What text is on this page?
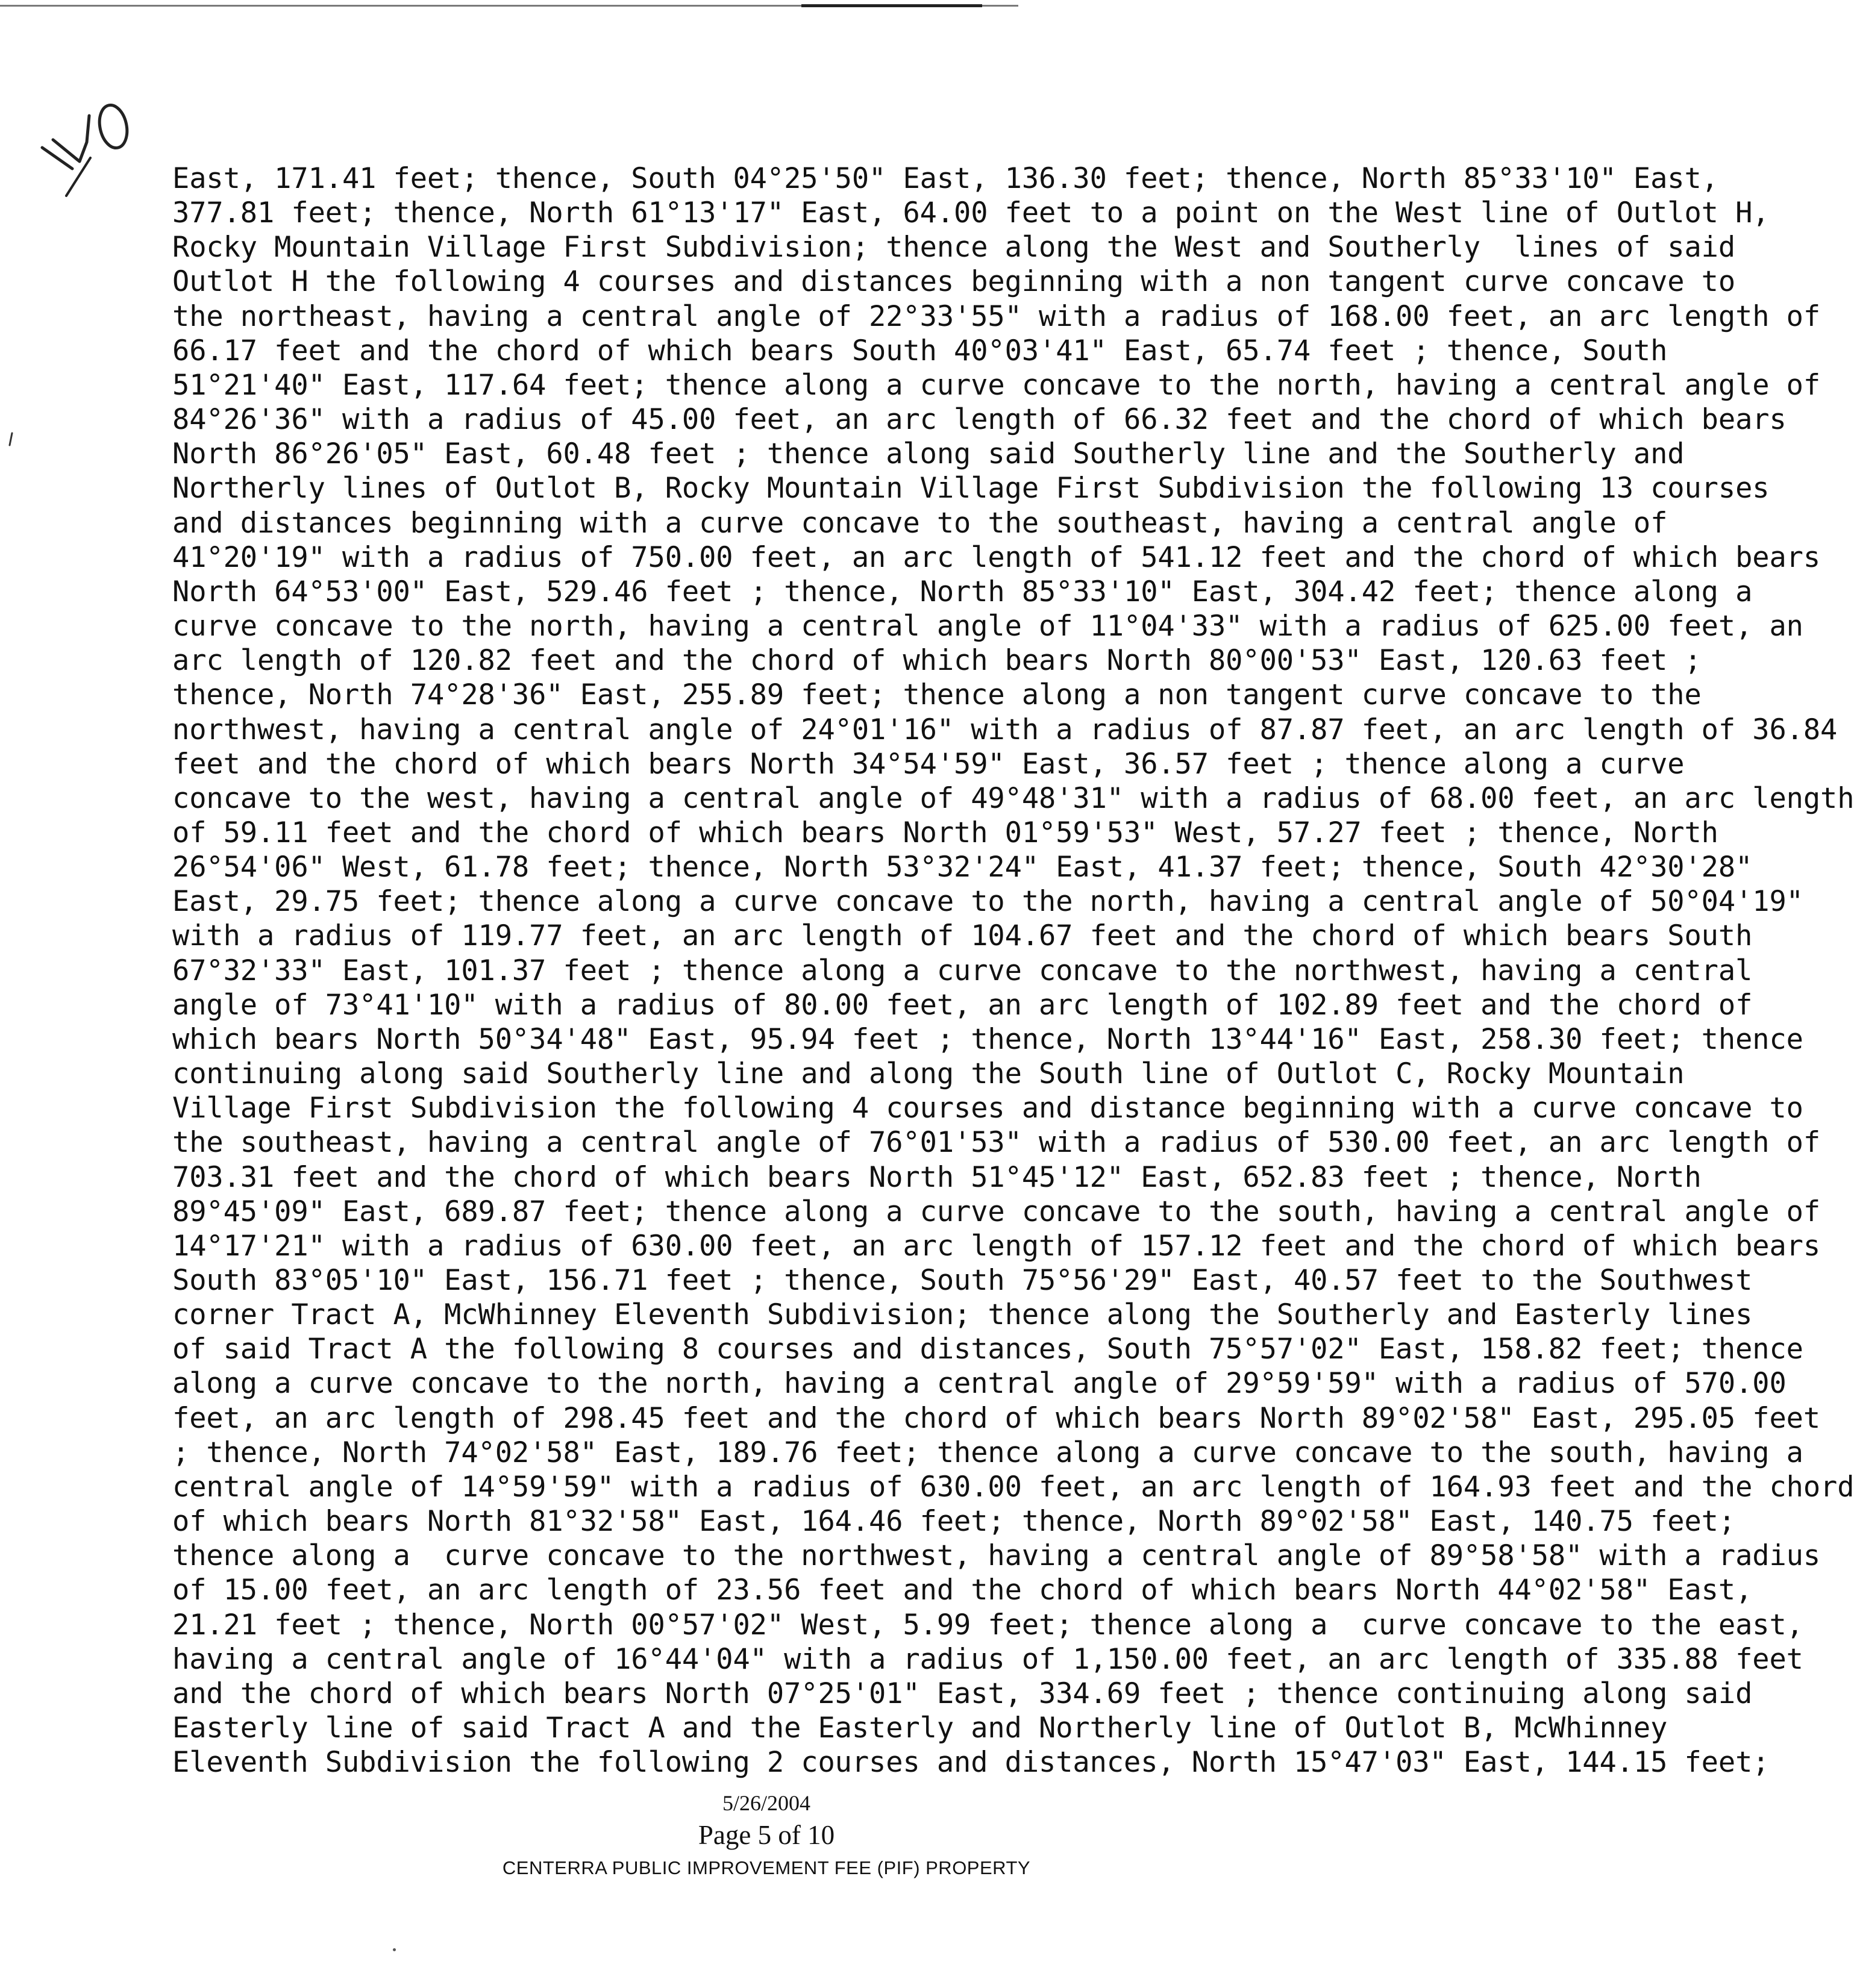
East, 171.41 feet; thence, South 04°25'50" East, 136.30 feet; thence, North 85°33'10" East,
377.81 feet; thence, North 61°13'17" East, 64.00 feet to a point on the West line of Outlot H,
Rocky Mountain Village First Subdivision; thence along the West and Southerly  lines of said
Outlot H the following 4 courses and distances beginning with a non tangent curve concave to
the northeast, having a central angle of 22°33'55" with a radius of 168.00 feet, an arc length of
66.17 feet and the chord of which bears South 40°03'41" East, 65.74 feet ; thence, South
51°21'40" East, 117.64 feet; thence along a curve concave to the north, having a central angle of
84°26'36" with a radius of 45.00 feet, an arc length of 66.32 feet and the chord of which bears
North 86°26'05" East, 60.48 feet ; thence along said Southerly line and the Southerly and
Northerly lines of Outlot B, Rocky Mountain Village First Subdivision the following 13 courses
and distances beginning with a curve concave to the southeast, having a central angle of
41°20'19" with a radius of 750.00 feet, an arc length of 541.12 feet and the chord of which bears
North 64°53'00" East, 529.46 feet ; thence, North 85°33'10" East, 304.42 feet; thence along a
curve concave to the north, having a central angle of 11°04'33" with a radius of 625.00 feet, an
arc length of 120.82 feet and the chord of which bears North 80°00'53" East, 120.63 feet ;
thence, North 74°28'36" East, 255.89 feet; thence along a non tangent curve concave to the
northwest, having a central angle of 24°01'16" with a radius of 87.87 feet, an arc length of 36.84
feet and the chord of which bears North 34°54'59" East, 36.57 feet ; thence along a curve
concave to the west, having a central angle of 49°48'31" with a radius of 68.00 feet, an arc length
of 59.11 feet and the chord of which bears North 01°59'53" West, 57.27 feet ; thence, North
26°54'06" West, 61.78 feet; thence, North 53°32'24" East, 41.37 feet; thence, South 42°30'28"
East, 29.75 feet; thence along a curve concave to the north, having a central angle of 50°04'19"
with a radius of 119.77 feet, an arc length of 104.67 feet and the chord of which bears South
67°32'33" East, 101.37 feet ; thence along a curve concave to the northwest, having a central
angle of 73°41'10" with a radius of 80.00 feet, an arc length of 102.89 feet and the chord of
which bears North 50°34'48" East, 95.94 feet ; thence, North 13°44'16" East, 258.30 feet; thence
continuing along said Southerly line and along the South line of Outlot C, Rocky Mountain
Village First Subdivision the following 4 courses and distance beginning with a curve concave to
the southeast, having a central angle of 76°01'53" with a radius of 530.00 feet, an arc length of
703.31 feet and the chord of which bears North 51°45'12" East, 652.83 feet ; thence, North
89°45'09" East, 689.87 feet; thence along a curve concave to the south, having a central angle of
14°17'21" with a radius of 630.00 feet, an arc length of 157.12 feet and the chord of which bears
South 83°05'10" East, 156.71 feet ; thence, South 75°56'29" East, 40.57 feet to the Southwest
corner Tract A, McWhinney Eleventh Subdivision; thence along the Southerly and Easterly lines
of said Tract A the following 8 courses and distances, South 75°57'02" East, 158.82 feet; thence
along a curve concave to the north, having a central angle of 29°59'59" with a radius of 570.00
feet, an arc length of 298.45 feet and the chord of which bears North 89°02'58" East, 295.05 feet
; thence, North 74°02'58" East, 189.76 feet; thence along a curve concave to the south, having a
central angle of 14°59'59" with a radius of 630.00 feet, an arc length of 164.93 feet and the chord
of which bears North 81°32'58" East, 164.46 feet; thence, North 89°02'58" East, 140.75 feet;
thence along a  curve concave to the northwest, having a central angle of 89°58'58" with a radius
of 15.00 feet, an arc length of 23.56 feet and the chord of which bears North 44°02'58" East,
21.21 feet ; thence, North 00°57'02" West, 5.99 feet; thence along a  curve concave to the east,
having a central angle of 16°44'04" with a radius of 1,150.00 feet, an arc length of 335.88 feet
and the chord of which bears North 07°25'01" East, 334.69 feet ; thence continuing along said
Easterly line of said Tract A and the Easterly and Northerly line of Outlot B, McWhinney
Eleventh Subdivision the following 2 courses and distances, North 15°47'03" East, 144.15 feet;

5/26/2004

Page 5 of 10

CENTERRA PUBLIC IMPROVEMENT FEE (PIF) PROPERTY
